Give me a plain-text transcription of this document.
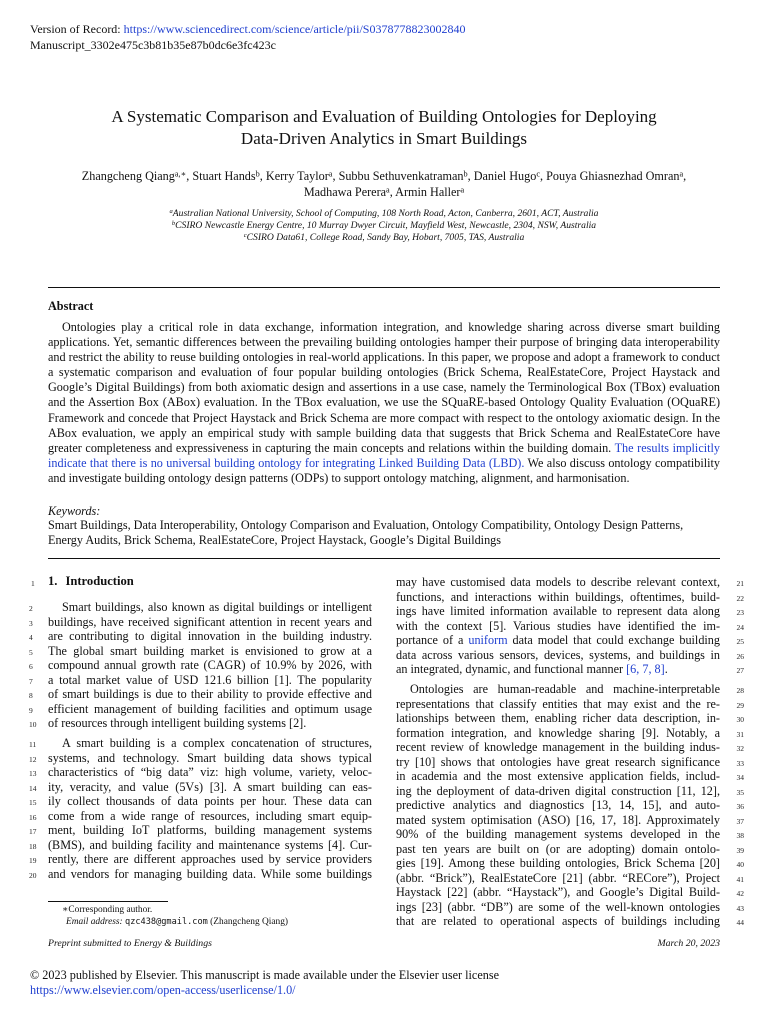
Version of Record: https://www.sciencedirect.com/science/article/pii/S0378778823002840
Manuscript_3302e475c3b81b35e87b0dc6e3fc423c
A Systematic Comparison and Evaluation of Building Ontologies for Deploying
Data-Driven Analytics in Smart Buildings
Zhangcheng Qiang$^{a,∗}$, Stuart Hands$^b$, Kerry Taylor$^a$, Subbu Sethuvenkatraman$^b$, Daniel Hugo$^c$, Pouya Ghiasnezhad Omran$^a$,
Madhawa Perera$^a$, Armin Haller$^a$
$^a$Australian National University, School of Computing, 108 North Road, Acton, Canberra, 2601, ACT, Australia
$^b$CSIRO Newcastle Energy Centre, 10 Murray Dwyer Circuit, Mayfield West, Newcastle, 2304, NSW, Australia
$^c$CSIRO Data61, College Road, Sandy Bay, Hobart, 7005, TAS, Australia
Abstract

Ontologies play a critical role in data exchange, information integration, and knowledge sharing across diverse smart building applications. Yet, semantic differences between the prevailing building ontologies hamper their purpose of bringing data interoperability and restrict the ability to reuse building ontologies in real-world applications. In this paper, we propose and adopt a framework to conduct a systematic comparison and evaluation of four popular building ontologies (Brick Schema, RealEstateCore, Project Haystack and Google’s Digital Buildings) from both axiomatic design and assertions in a use case, namely the Terminological Box (TBox) evaluation and the Assertion Box (ABox) evaluation. In the TBox evaluation, we use the SQuaRE-based Ontology Quality Evaluation (OQuaRE) Framework and concede that Project Haystack and Brick Schema are more compact with respect to the ontology axiomatic design. In the ABox evaluation, we apply an empirical study with sample building data that suggests that Brick Schema and RealEstateCore have greater completeness and expressiveness in capturing the main concepts and relations within the building domain. The results implicitly indicate that there is no universal building ontology for integrating Linked Building Data (LBD). We also discuss ontology compatibility and investigate building ontology design patterns (ODPs) to support ontology matching, alignment, and harmonisation.

Keywords:
Smart Buildings, Data Interoperability, Ontology Comparison and Evaluation, Ontology Compatibility, Ontology Design Patterns, Energy Audits, Brick Schema, RealEstateCore, Project Haystack, Google’s Digital Buildings
1 1. Introduction

Smart buildings, also known as digital buildings or intelligent

buildings, have received significant attention in recent years and

are contributing to digital innovation in the building industry.

The global smart building market is envisioned to grow at a

compound annual growth rate (CAGR) of 10.9% by 2026, with

a total market value of USD 121.6 billion [1]. The popularity

of smart buildings is due to their ability to provide effective and

efficient management of building facilities and optimum usage

of resources through intelligent building systems [2].

A smart building is a complex concatenation of structures,

systems, and technology. Smart building data shows typical

characteristics of “big data” viz: high volume, variety, veloc-

ity, veracity, and value (5Vs) [3]. A smart building can eas-

ily collect thousands of data points per hour. These data can

come from a wide range of resources, including smart equip-

ment, building IoT platforms, building management systems

(BMS), and building facility and maintenance systems [4]. Cur-

rently, there are different approaches used by service providers

and vendors for managing building data. While some buildings

2
3
4
5
6
7
8
9
10
11
12
13
14
15
16
17
18
19
20

may have customised data models to describe relevant context,

functions, and interactions within buildings, oftentimes, build-

ings have limited information available to represent data along

with the context [5]. Various studies have identified the im-

portance of a uniform data model that could exchange building

data across various sensors, devices, systems, and buildings in

an integrated, dynamic, and functional manner [6, 7, 8].

Ontologies are human-readable and machine-interpretable

representations that classify entities that may exist and the re-

lationships between them, enabling richer data description, in-

formation integration, and knowledge sharing [9]. Notably, a

recent review of knowledge management in the building indus-

try [10] shows that ontologies have great research significance

in academia and the most extensive application fields, includ-

ing the deployment of data-driven digital construction [11, 12],

predictive analytics and diagnostics [13, 14, 15], and auto-

mated system optimisation (ASO) [16, 17, 18]. Approximately

90% of the building management systems developed in the

past ten years are built on (or are adopting) domain ontolo-

gies [19]. Among these building ontologies, Brick Schema [20]

(abbr. “Brick”), RealEstateCore [21] (abbr. “RECore”), Project

Haystack [22] (abbr. “Haystack”), and Google’s Digital Build-

ings [23] (abbr. “DB”) are some of the well-known ontologies

that are related to operational aspects of buildings including

21
22
23
24
25
26
27
28
29
30
31
32
33
34
35
36
37
38
39
40
41
42
43
44
∗Corresponding author.
Email address: qzc438@gmail.com (Zhangcheng Qiang)
Preprint submitted to Energy & Buildings	March 20, 2023
© 2023 published by Elsevier. This manuscript is made available under the Elsevier user license
https://www.elsevier.com/open-access/userlicense/1.0/
